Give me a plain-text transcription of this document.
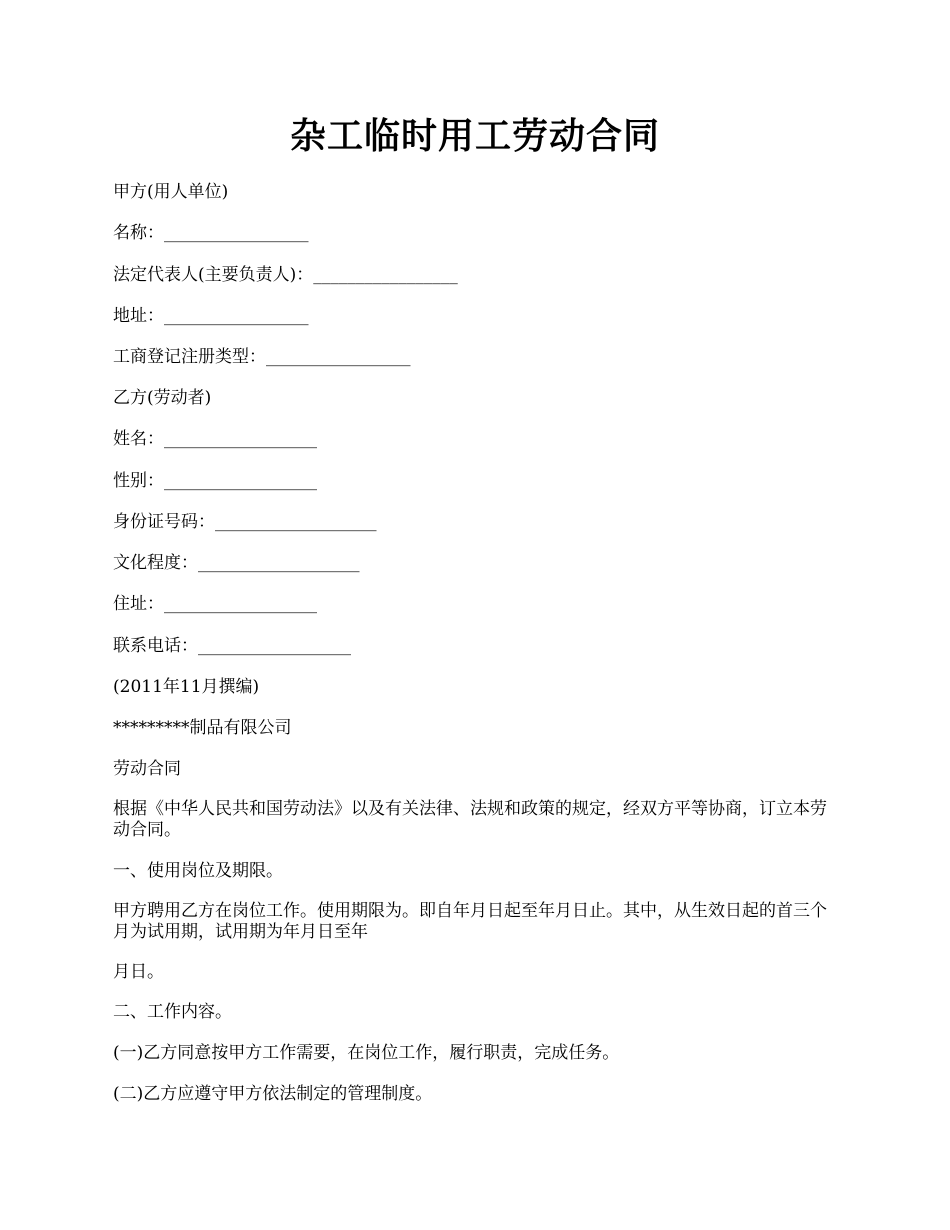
杂工临时用工劳动合同
甲方(用人单位)
名称：_________________
法定代表人(主要负责人)：_________________
地址：_________________
工商登记注册类型：_________________
乙方(劳动者)
姓名：__________________
性别：__________________
身份证号码：___________________
文化程度：___________________
住址：__________________
联系电话：__________________
(2011年11月撰编)
*********制品有限公司
劳动合同
根据《中华人民共和国劳动法》以及有关法律、法规和政策的规定，经双方平等协商，订立本劳动合同。
一、使用岗位及期限。
甲方聘用乙方在岗位工作。使用期限为。即自年月日起至年月日止。其中，从生效日起的首三个月为试用期，试用期为年月日至年
月日。
二、工作内容。
(一)乙方同意按甲方工作需要，在岗位工作，履行职责，完成任务。
(二)乙方应遵守甲方依法制定的管理制度。
